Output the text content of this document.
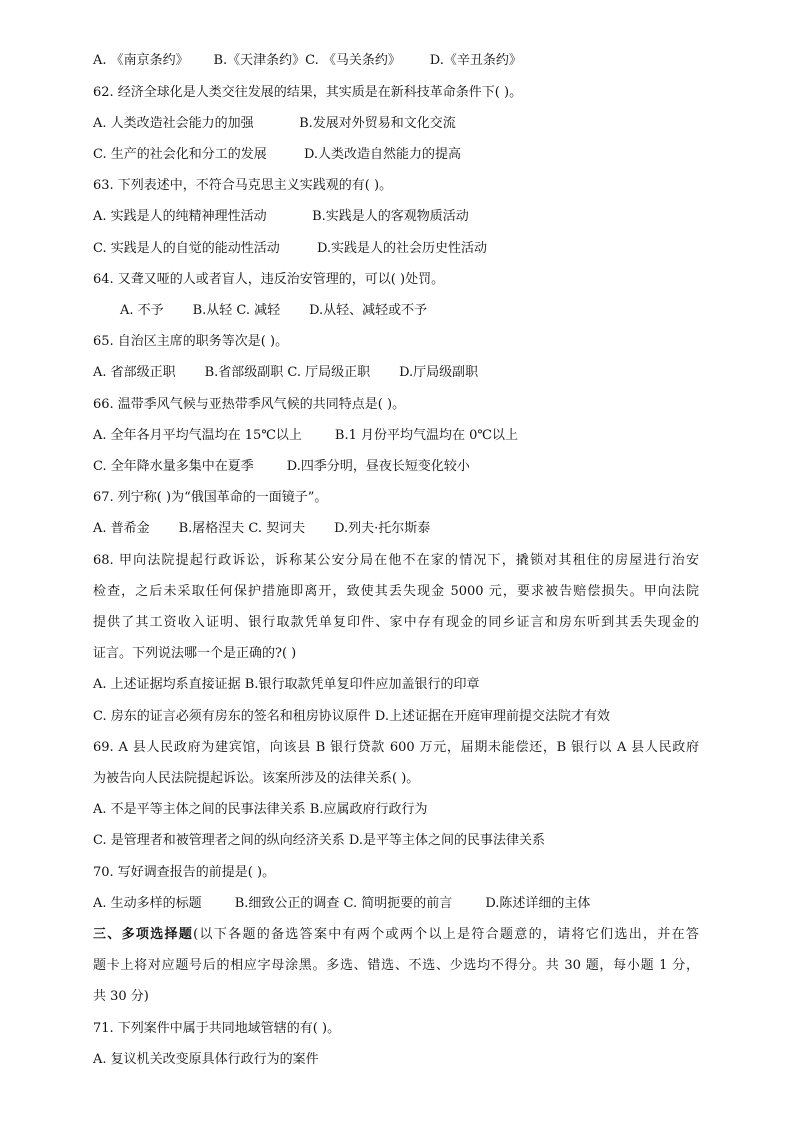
A. 《南京条约》      B.《天津条约》C. 《马关条约》       D.《辛丑条约》
62. 经济全球化是人类交往发展的结果，其实质是在新科技革命条件下( )。
A. 人类改造社会能力的加强           B.发展对外贸易和文化交流
C. 生产的社会化和分工的发展         D.人类改造自然能力的提高
63. 下列表述中，不符合马克思主义实践观的有( )。
A. 实践是人的纯精神理性活动           B.实践是人的客观物质活动
C. 实践是人的自觉的能动性活动         D.实践是人的社会历史性活动
64. 又聋又哑的人或者盲人，违反治安管理的，可以( )处罚。
A. 不予       B.从轻 C. 减轻       D.从轻、减轻或不予
65. 自治区主席的职务等次是( )。
A. 省部级正职       B.省部级副职 C. 厅局级正职       D.厅局级副职
66. 温带季风气候与亚热带季风气候的共同特点是( )。
A. 全年各月平均气温均在 15℃以上        B.1 月份平均气温均在 0℃以上
C. 全年降水量多集中在夏季        D.四季分明，昼夜长短变化较小
67. 列宁称( )为“俄国革命的一面镜子”。
A. 普希金       B.屠格涅夫 C. 契诃夫       D.列夫·托尔斯泰
68. 甲向法院提起行政诉讼，诉称某公安分局在他不在家的情况下，撬锁对其租住的房屋进行治安
检查，之后未采取任何保护措施即离开，致使其丢失现金 5000 元，要求被告赔偿损失。甲向法院
提供了其工资收入证明、银行取款凭单复印件、家中存有现金的同乡证言和房东听到其丢失现金的
证言。下列说法哪一个是正确的?( )
A. 上述证据均系直接证据 B.银行取款凭单复印件应加盖银行的印章
C. 房东的证言必须有房东的签名和租房协议原件 D.上述证据在开庭审理前提交法院才有效
69. A 县人民政府为建宾馆，向该县 B 银行贷款 600 万元，届期未能偿还，B 银行以 A 县人民政府
为被告向人民法院提起诉讼。该案所涉及的法律关系( )。
A. 不是平等主体之间的民事法律关系 B.应属政府行政行为
C. 是管理者和被管理者之间的纵向经济关系 D.是平等主体之间的民事法律关系
70. 写好调查报告的前提是( )。
A. 生动多样的标题        B.细致公正的调查 C. 简明扼要的前言        D.陈述详细的主体
三、多项选择题(以下各题的备选答案中有两个或两个以上是符合题意的，请将它们选出，并在答
题卡上将对应题号后的相应字母涂黑。多选、错选、不选、少选均不得分。共 30 题，每小题 1 分，
共 30 分)
71. 下列案件中属于共同地域管辖的有( )。
A. 复议机关改变原具体行政行为的案件
